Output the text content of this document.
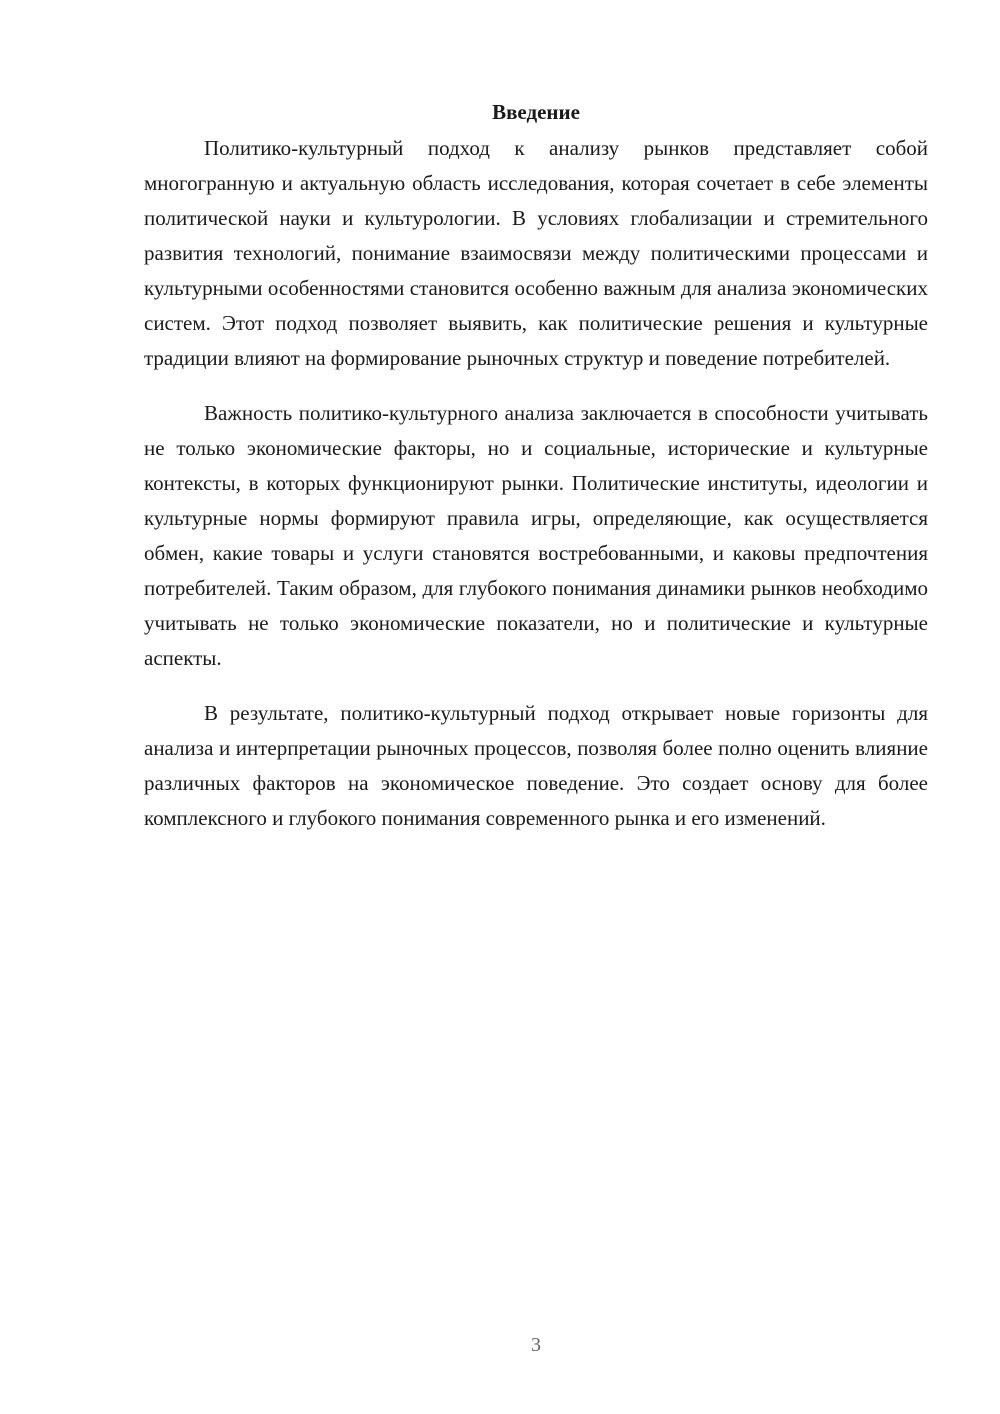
Введение

Политико-культурный подход к анализу рынков представляет собой многогранную и актуальную область исследования, которая сочетает в себе элементы политической науки и культурологии. В условиях глобализации и стремительного развития технологий, понимание взаимосвязи между политическими процессами и культурными особенностями становится особенно важным для анализа экономических систем. Этот подход позволяет выявить, как политические решения и культурные традиции влияют на формирование рыночных структур и поведение потребителей.

Важность политико-культурного анализа заключается в способности учитывать не только экономические факторы, но и социальные, исторические и культурные контексты, в которых функционируют рынки. Политические институты, идеологии и культурные нормы формируют правила игры, определяющие, как осуществляется обмен, какие товары и услуги становятся востребованными, и каковы предпочтения потребителей. Таким образом, для глубокого понимания динамики рынков необходимо учитывать не только экономические показатели, но и политические и культурные аспекты.

В результате, политико-культурный подход открывает новые горизонты для анализа и интерпретации рыночных процессов, позволяя более полно оценить влияние различных факторов на экономическое поведение. Это создает основу для более комплексного и глубокого понимания современного рынка и его изменений.

3
